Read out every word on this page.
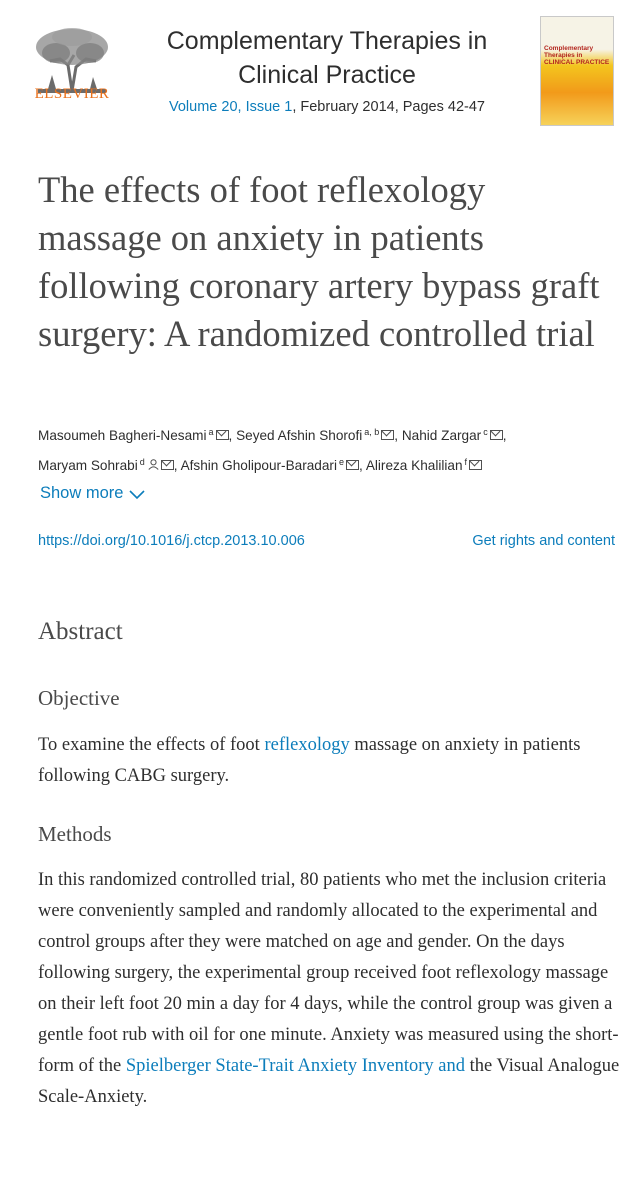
ELSEVIER
Complementary Therapies in Clinical Practice
Volume 20, Issue 1, February 2014, Pages 42-47
Complementary Therapies in CLINICAL PRACTICE
The effects of foot reflexology massage on anxiety in patients following coronary artery bypass graft surgery: A randomized controlled trial
Masoumeh Bagheri-Nesami $^a$ , Seyed Afshin Shorofi $^{a, b}$ , Nahid Zargar $^c$ ,
Maryam Sohrabi $^d$ , Afshin Gholipour-Baradari $^e$ , Alireza Khalilian $^f$
Show more
https://doi.org/10.1016/j.ctcp.2013.10.006	Get rights and content
Abstract
Objective

To examine the effects of foot reflexology massage on anxiety in patients following CABG surgery.

Methods

In this randomized controlled trial, 80 patients who met the inclusion criteria were conveniently sampled and randomly allocated to the experimental and control groups after they were matched on age and gender. On the days following surgery, the experimental group received foot reflexology massage on their left foot 20 min a day for 4 days, while the control group was given a gentle foot rub with oil for one minute. Anxiety was measured using the short-form of the Spielberger State-Trait Anxiety Inventory and the Visual Analogue Scale-Anxiety.
